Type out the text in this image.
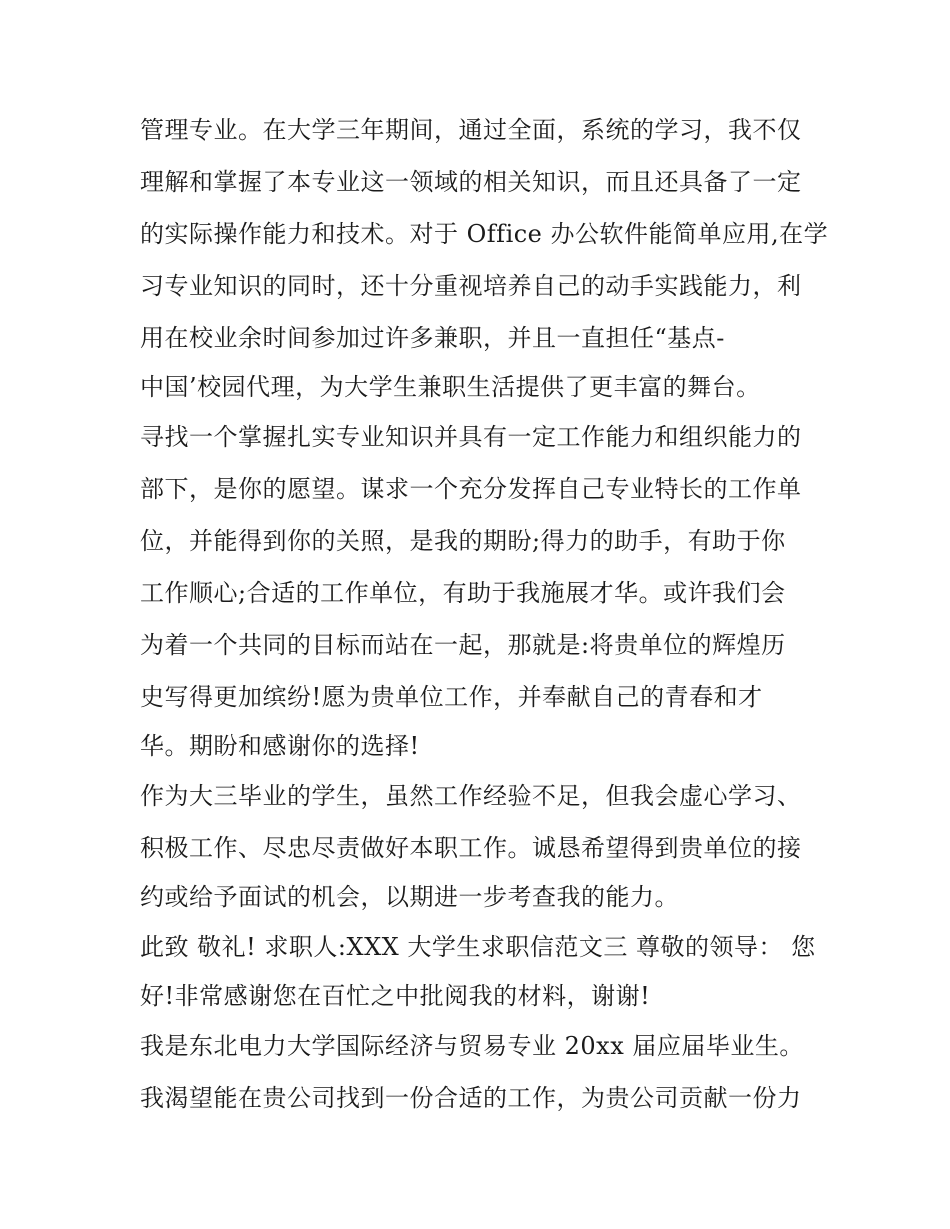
管理专业。在大学三年期间，通过全面，系统的学习，我不仅
理解和掌握了本专业这一领域的相关知识，而且还具备了一定
的实际操作能力和技术。对于 Office 办公软件能简单应用,在学
习专业知识的同时，还十分重视培养自己的动手实践能力，利
用在校业余时间参加过许多兼职，并且一直担任“基点-
中国’校园代理，为大学生兼职生活提供了更丰富的舞台。
寻找一个掌握扎实专业知识并具有一定工作能力和组织能力的
部下，是你的愿望。谋求一个充分发挥自己专业特长的工作单
位，并能得到你的关照，是我的期盼;得力的助手，有助于你
工作顺心;合适的工作单位，有助于我施展才华。或许我们会
为着一个共同的目标而站在一起，那就是:将贵单位的辉煌历
史写得更加缤纷!愿为贵单位工作，并奉献自己的青春和才
华。期盼和感谢你的选择!
作为大三毕业的学生，虽然工作经验不足，但我会虚心学习、
积极工作、尽忠尽责做好本职工作。诚恳希望得到贵单位的接
约或给予面试的机会，以期进一步考查我的能力。
此致 敬礼! 求职人:XXX 大学生求职信范文三 尊敬的领导： 您
好!非常感谢您在百忙之中批阅我的材料，谢谢!
我是东北电力大学国际经济与贸易专业 20xx 届应届毕业生。
我渴望能在贵公司找到一份合适的工作，为贵公司贡献一份力
